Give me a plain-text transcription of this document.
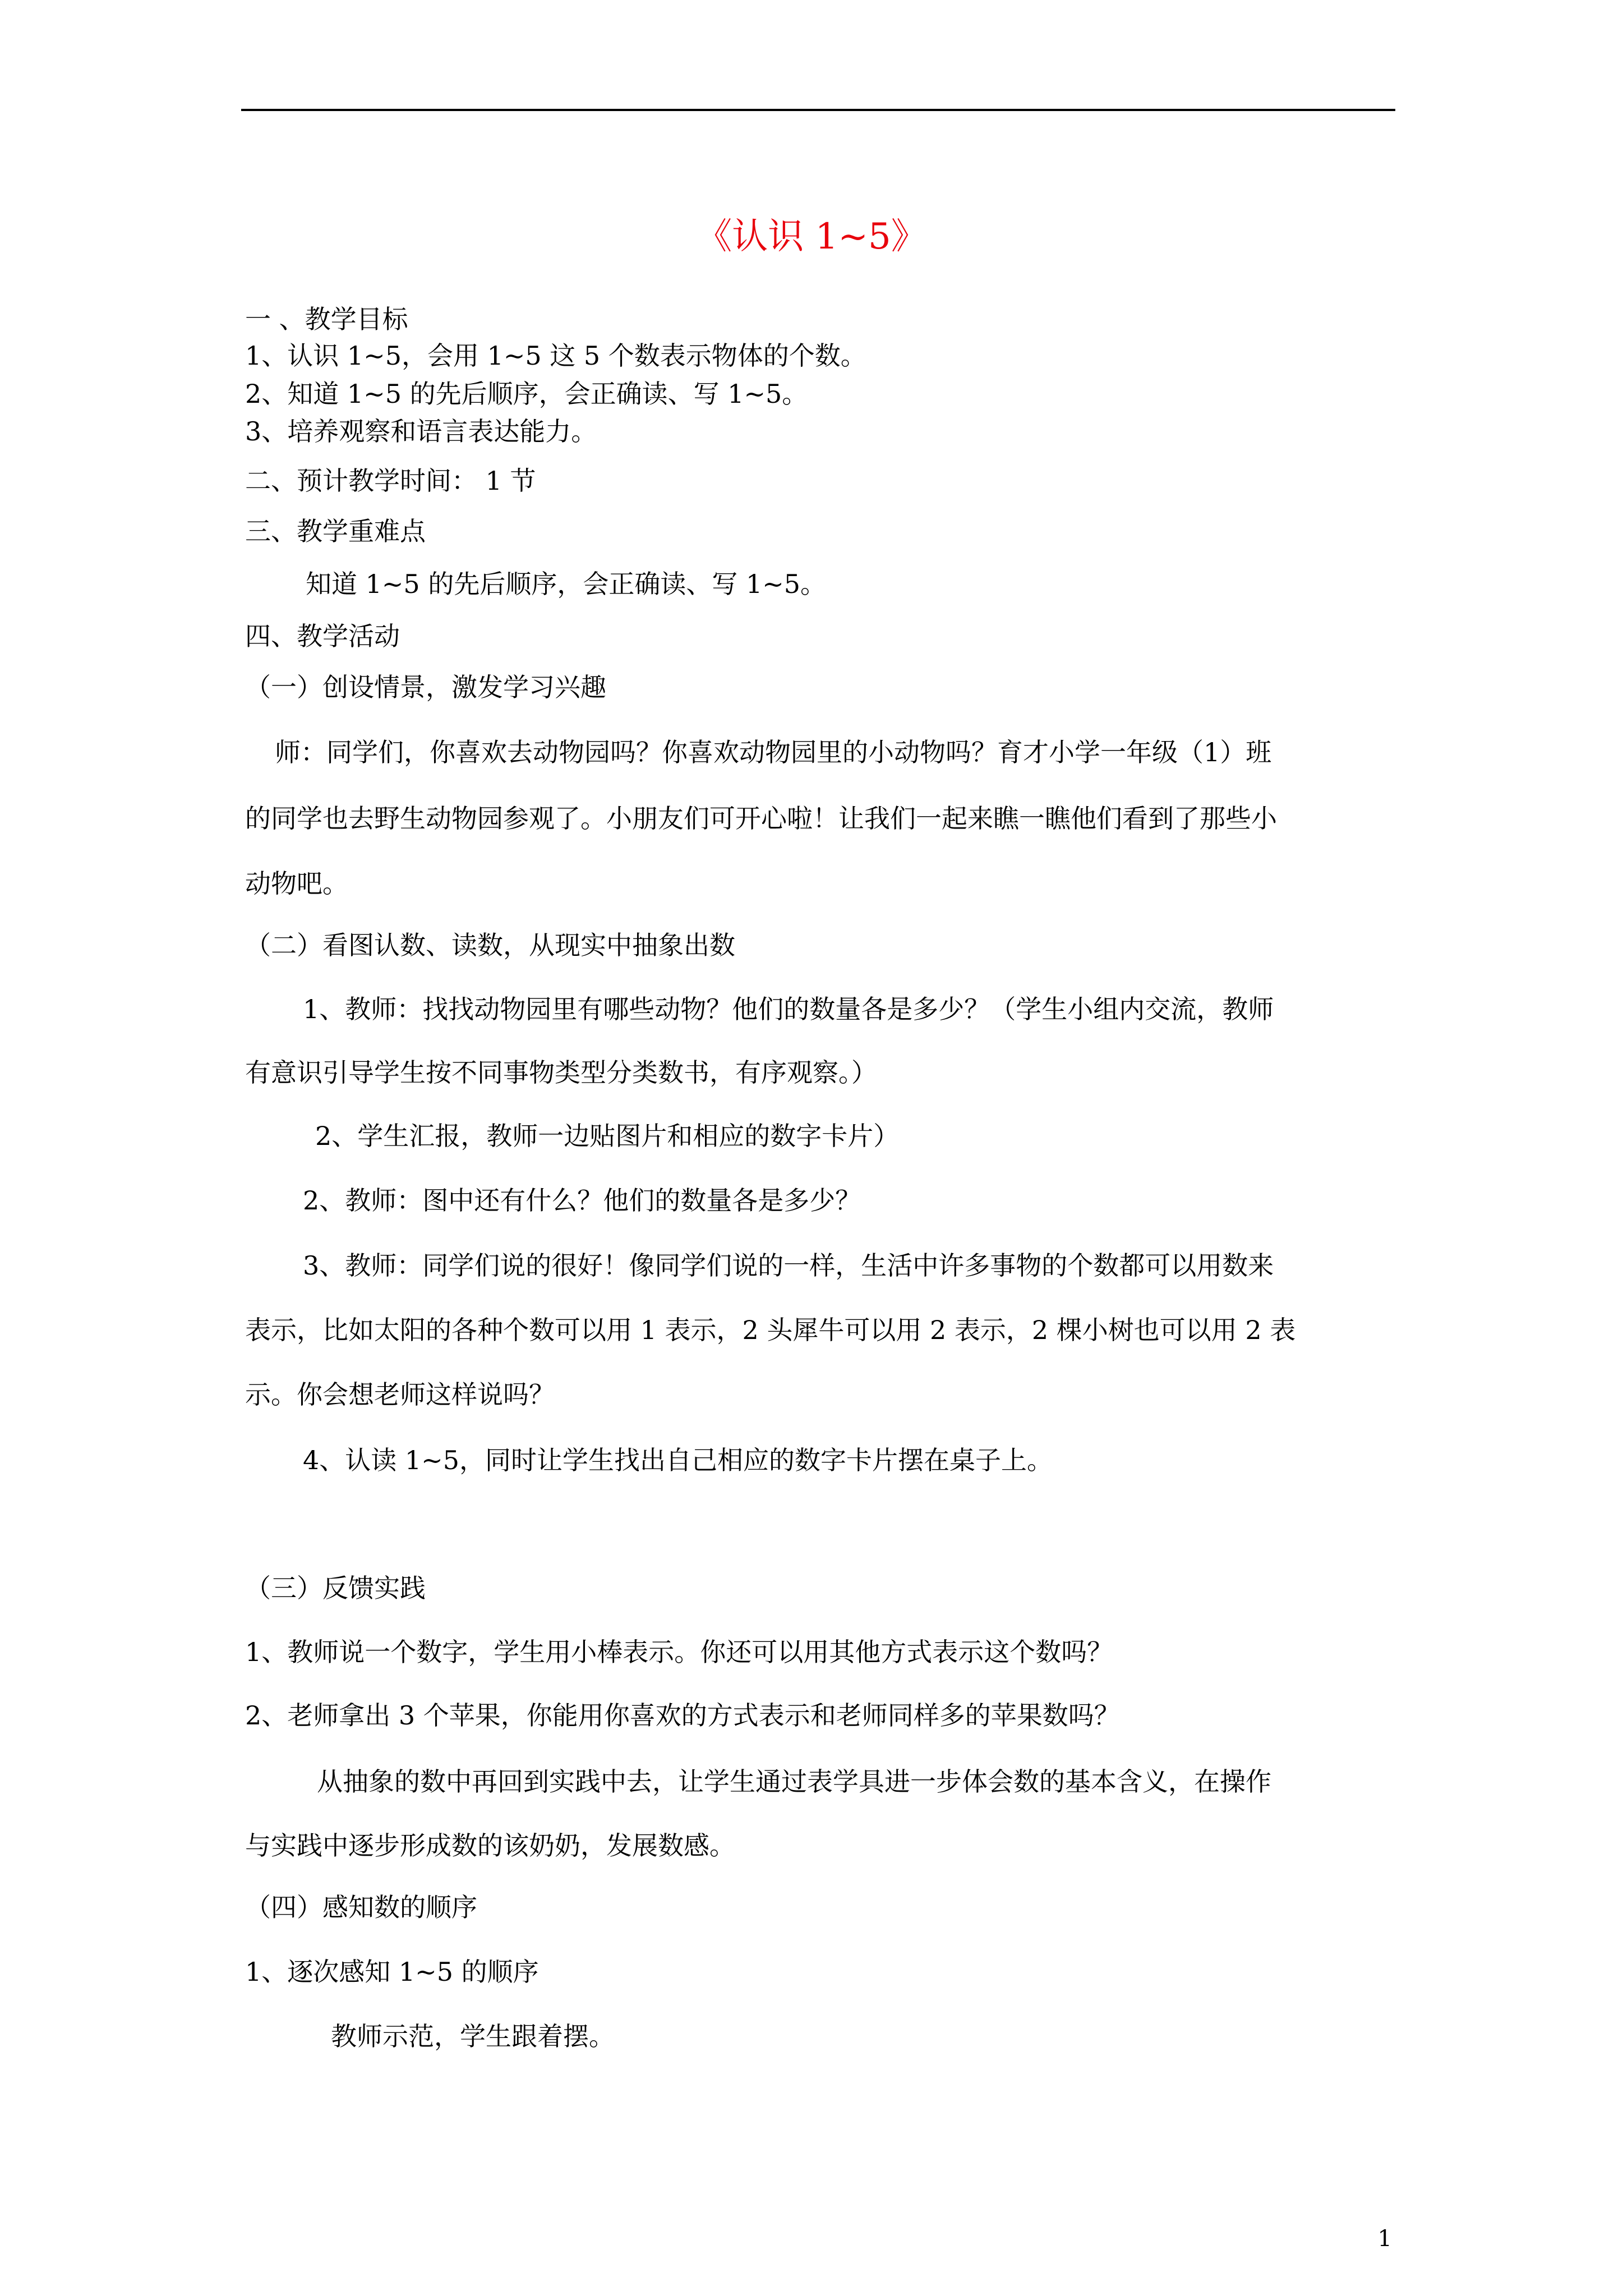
《认识 1~5》
一 、教学目标
1、认识 1~5，会用 1~5 这 5 个数表示物体的个数。
2、知道 1~5 的先后顺序，会正确读、写 1~5。
3、培养观察和语言表达能力。
二、预计教学时间： 1 节
三、教学重难点
知道 1~5 的先后顺序，会正确读、写 1~5。
四、教学活动
（一）创设情景，激发学习兴趣
师：同学们，你喜欢去动物园吗？你喜欢动物园里的小动物吗？育才小学一年级（1）班
的同学也去野生动物园参观了。小朋友们可开心啦！让我们一起来瞧一瞧他们看到了那些小
动物吧。
（二）看图认数、读数，从现实中抽象出数
1、教师：找找动物园里有哪些动物？他们的数量各是多少？（学生小组内交流，教师
有意识引导学生按不同事物类型分类数书，有序观察。）
2、学生汇报，教师一边贴图片和相应的数字卡片）
2、教师：图中还有什么？他们的数量各是多少？
3、教师：同学们说的很好！像同学们说的一样，生活中许多事物的个数都可以用数来
表示，比如太阳的各种个数可以用 1 表示，2 头犀牛可以用 2 表示，2 棵小树也可以用 2 表
示。你会想老师这样说吗？
4、认读 1~5，同时让学生找出自己相应的数字卡片摆在桌子上。
（三）反馈实践
1、教师说一个数字，学生用小棒表示。你还可以用其他方式表示这个数吗？
2、老师拿出 3 个苹果，你能用你喜欢的方式表示和老师同样多的苹果数吗？
从抽象的数中再回到实践中去，让学生通过表学具进一步体会数的基本含义，在操作
与实践中逐步形成数的该奶奶，发展数感。
（四）感知数的顺序
1、逐次感知 1~5 的顺序
教师示范，学生跟着摆。
1
